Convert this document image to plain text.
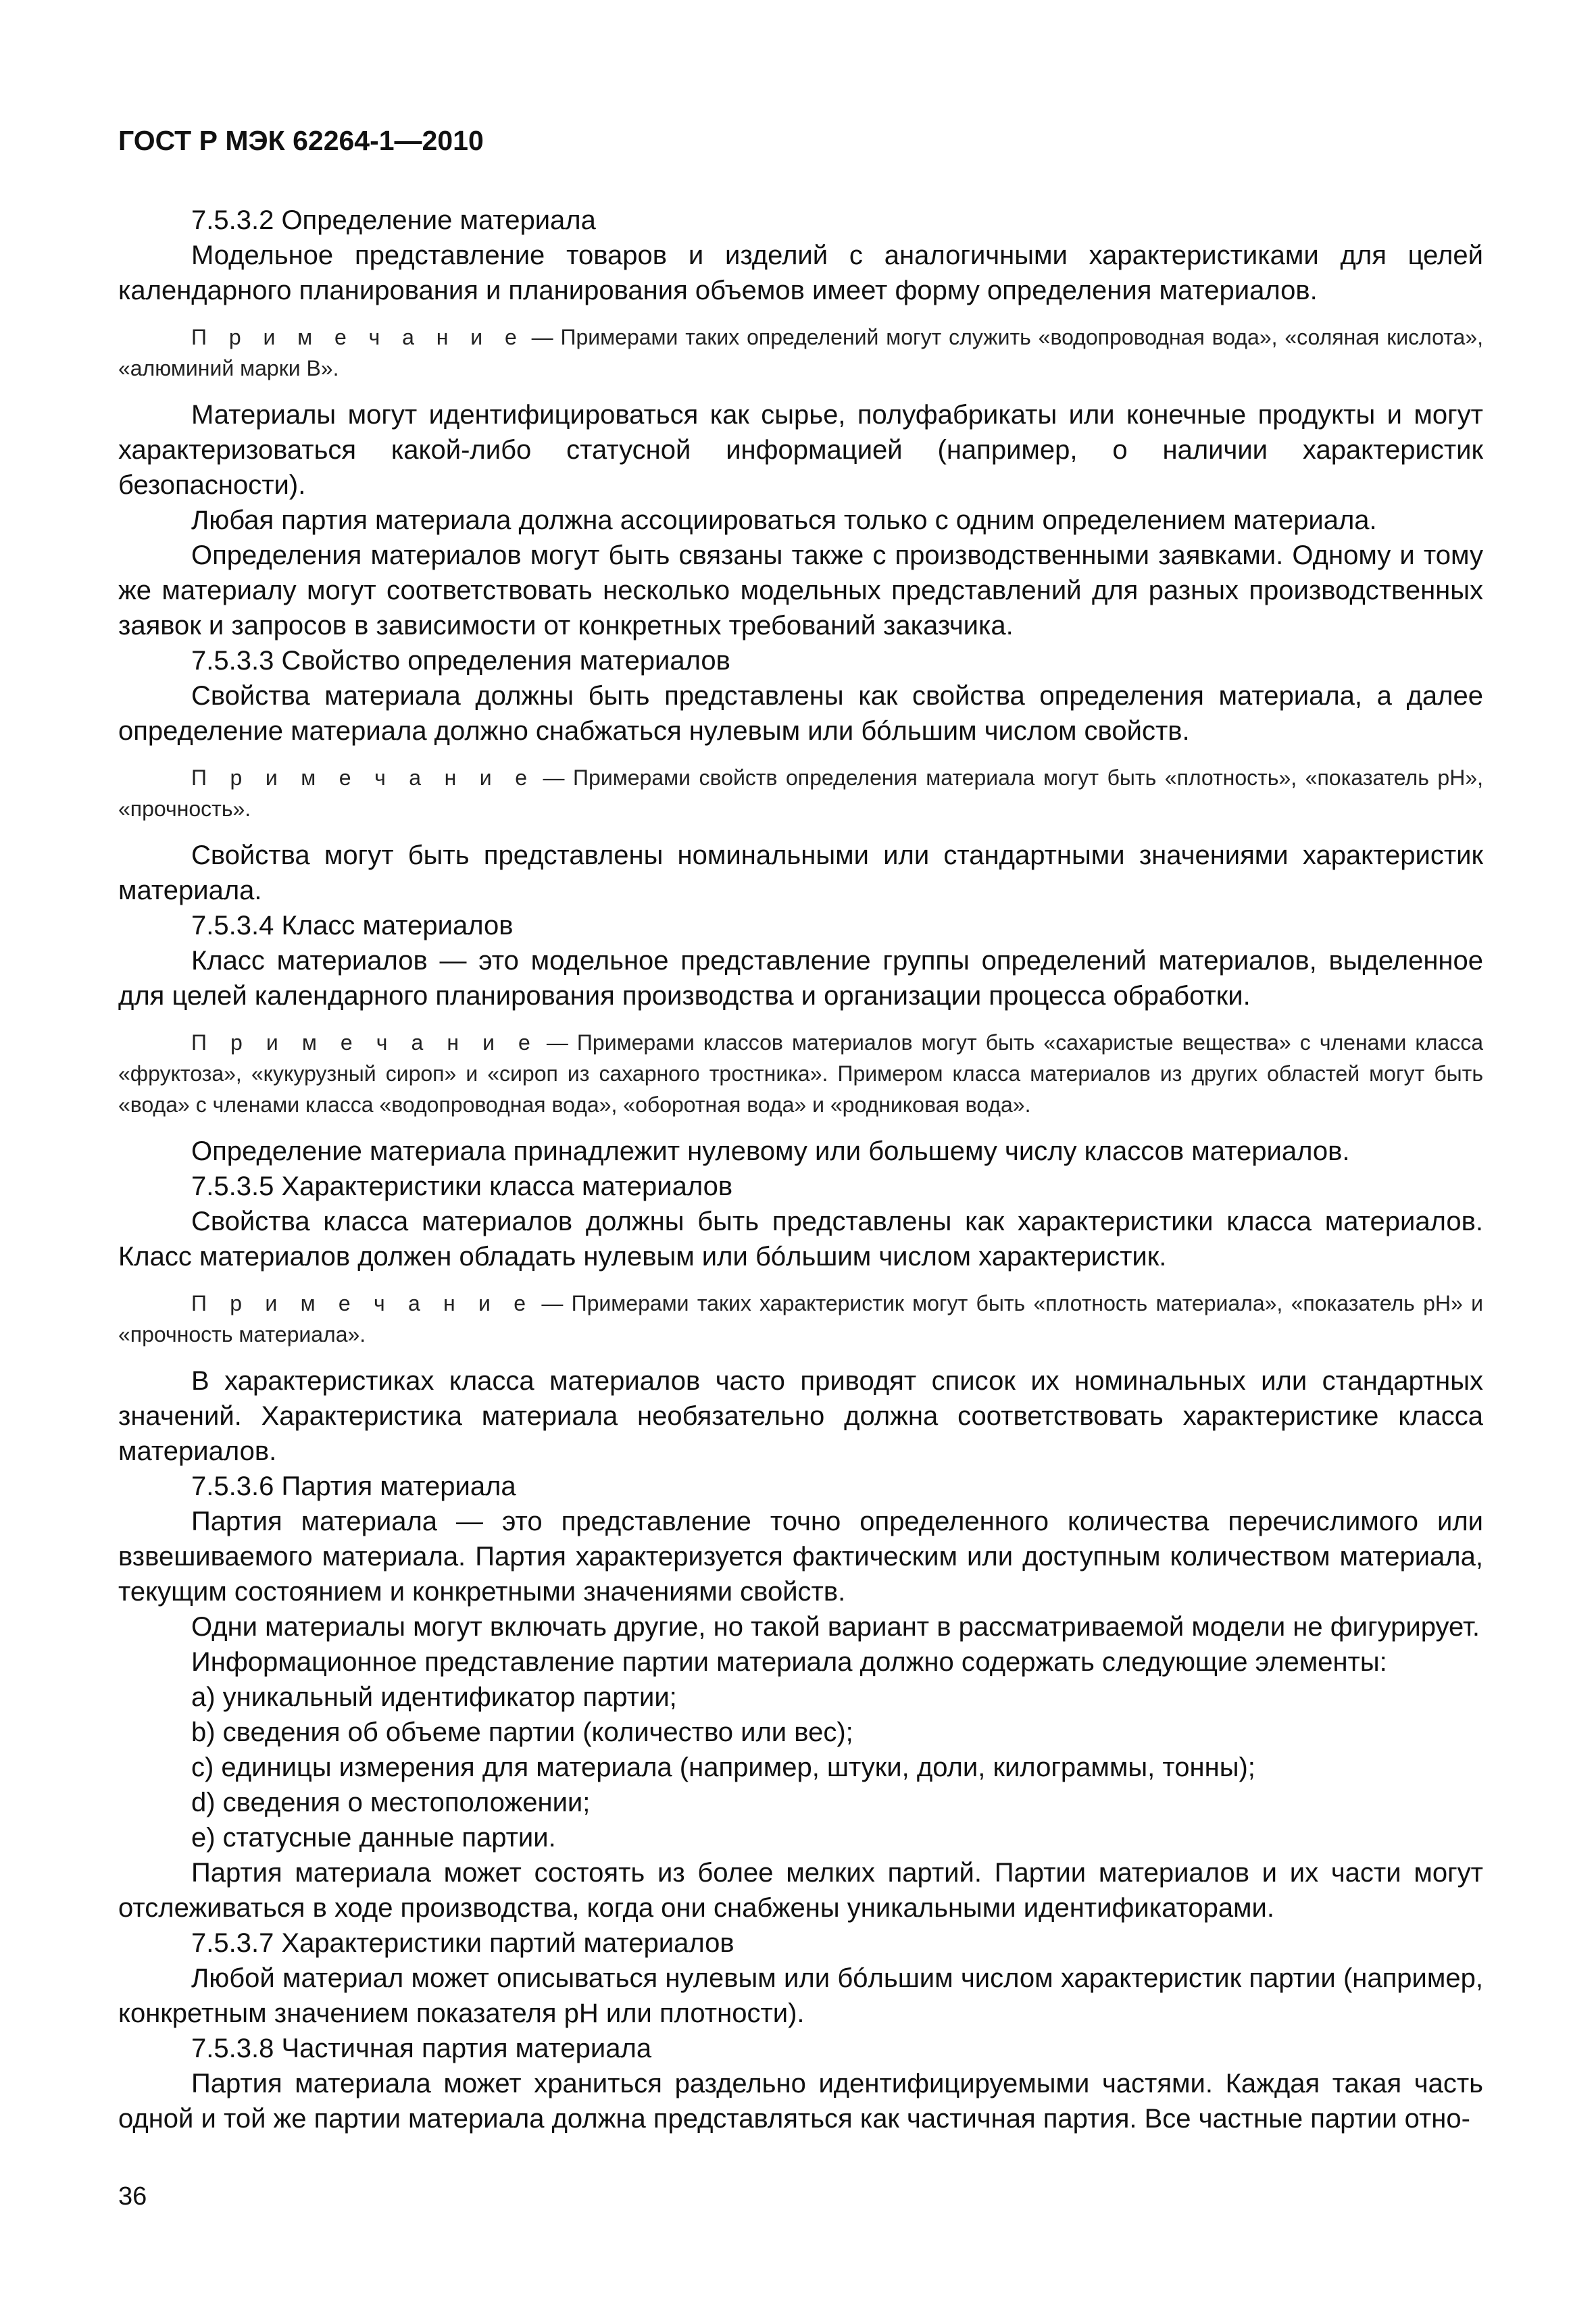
ГОСТ Р МЭК 62264-1—2010
7.5.3.2 Определение материала
Модельное представление товаров и изделий с аналогичными характеристиками для целей календарного планирования и планирования объемов имеет форму определения материалов.
П р и м е ч а н и е — Примерами таких определений могут служить «водопроводная вода», «соляная кислота», «алюминий марки В».
Материалы могут идентифицироваться как сырье, полуфабрикаты или конечные продукты и могут характеризоваться какой-либо статусной информацией (например, о наличии характеристик безопасности).
Любая партия материала должна ассоциироваться только с одним определением материала.
Определения материалов могут быть связаны также с производственными заявками. Одному и тому же материалу могут соответствовать несколько модельных представлений для разных производственных заявок и запросов в зависимости от конкретных требований заказчика.
7.5.3.3 Свойство определения материалов
Свойства материала должны быть представлены как свойства определения материала, а далее определение материала должно снабжаться нулевым или бóльшим числом свойств.
П р и м е ч а н и е — Примерами свойств определения материала могут быть «плотность», «показатель pH», «прочность».
Свойства могут быть представлены номинальными или стандартными значениями характеристик материала.
7.5.3.4 Класс материалов
Класс материалов — это модельное представление группы определений материалов, выделенное для целей календарного планирования производства и организации процесса обработки.
П р и м е ч а н и е — Примерами классов материалов могут быть «сахаристые вещества» с членами класса «фруктоза», «кукурузный сироп» и «сироп из сахарного тростника». Примером класса материалов из других областей могут быть «вода» с членами класса «водопроводная вода», «оборотная вода» и «родниковая вода».
Определение материала принадлежит нулевому или большему числу классов материалов.
7.5.3.5 Характеристики класса материалов
Свойства класса материалов должны быть представлены как характеристики класса материалов. Класс материалов должен обладать нулевым или бóльшим числом характеристик.
П р и м е ч а н и е — Примерами таких характеристик могут быть «плотность материала», «показатель pH» и «прочность материала».
В характеристиках класса материалов часто приводят список их номинальных или стандартных значений. Характеристика материала необязательно должна соответствовать характеристике класса материалов.
7.5.3.6 Партия материала
Партия материала — это представление точно определенного количества перечислимого или взвешиваемого материала. Партия характеризуется фактическим или доступным количеством материала, текущим состоянием и конкретными значениями свойств.
Одни материалы могут включать другие, но такой вариант в рассматриваемой модели не фигурирует.
Информационное представление партии материала должно содержать следующие элементы:
a) уникальный идентификатор партии;
b) сведения об объеме партии (количество или вес);
c) единицы измерения для материала (например, штуки, доли, килограммы, тонны);
d) сведения о местоположении;
e) статусные данные партии.
Партия материала может состоять из более мелких партий. Партии материалов и их части могут отслеживаться в ходе производства, когда они снабжены уникальными идентификаторами.
7.5.3.7 Характеристики партий материалов
Любой материал может описываться нулевым или бóльшим числом характеристик партии (например, конкретным значением показателя pH или плотности).
7.5.3.8 Частичная партия материала
Партия материала может храниться раздельно идентифицируемыми частями. Каждая такая часть одной и той же партии материала должна представляться как частичная партия. Все частные партии отно-
36
